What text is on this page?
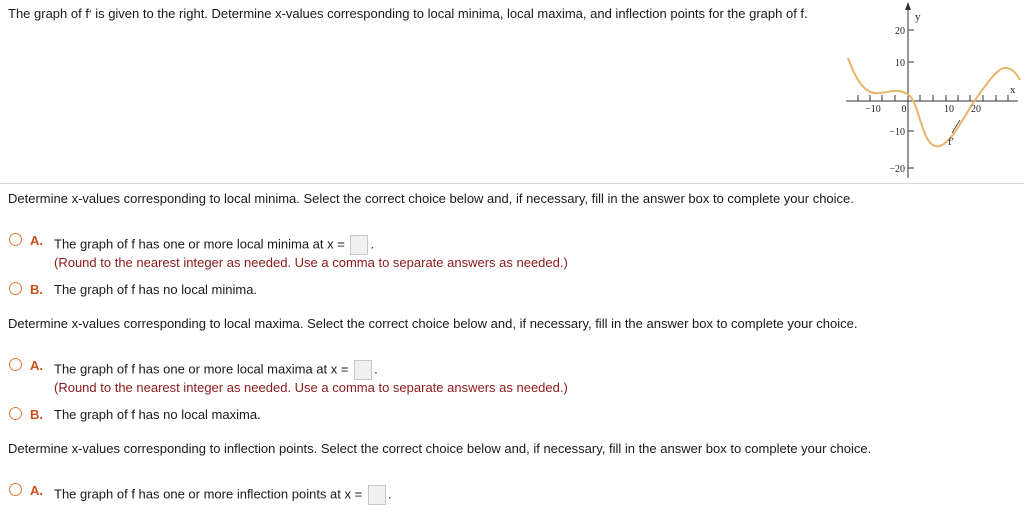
The graph of f′ is given to the right. Determine x-values corresponding to local minima, local maxima, and inflection points for the graph of f.	y
x
f′
20
10
−10
−20
−10 0	10 20
Determine x-values corresponding to local minima. Select the correct choice below and, if necessary, fill in the answer box to complete your choice.
A. The graph of f has one or more local minima at x = .
(Round to the nearest integer as needed. Use a comma to separate answers as needed.)
B. The graph of f has no local minima.
Determine x-values corresponding to local maxima. Select the correct choice below and, if necessary, fill in the answer box to complete your choice.
A. The graph of f has one or more local maxima at x = .
(Round to the nearest integer as needed. Use a comma to separate answers as needed.)
B. The graph of f has no local maxima.
Determine x-values corresponding to inflection points. Select the correct choice below and, if necessary, fill in the answer box to complete your choice.
A. The graph of f has one or more inflection points at x = .
